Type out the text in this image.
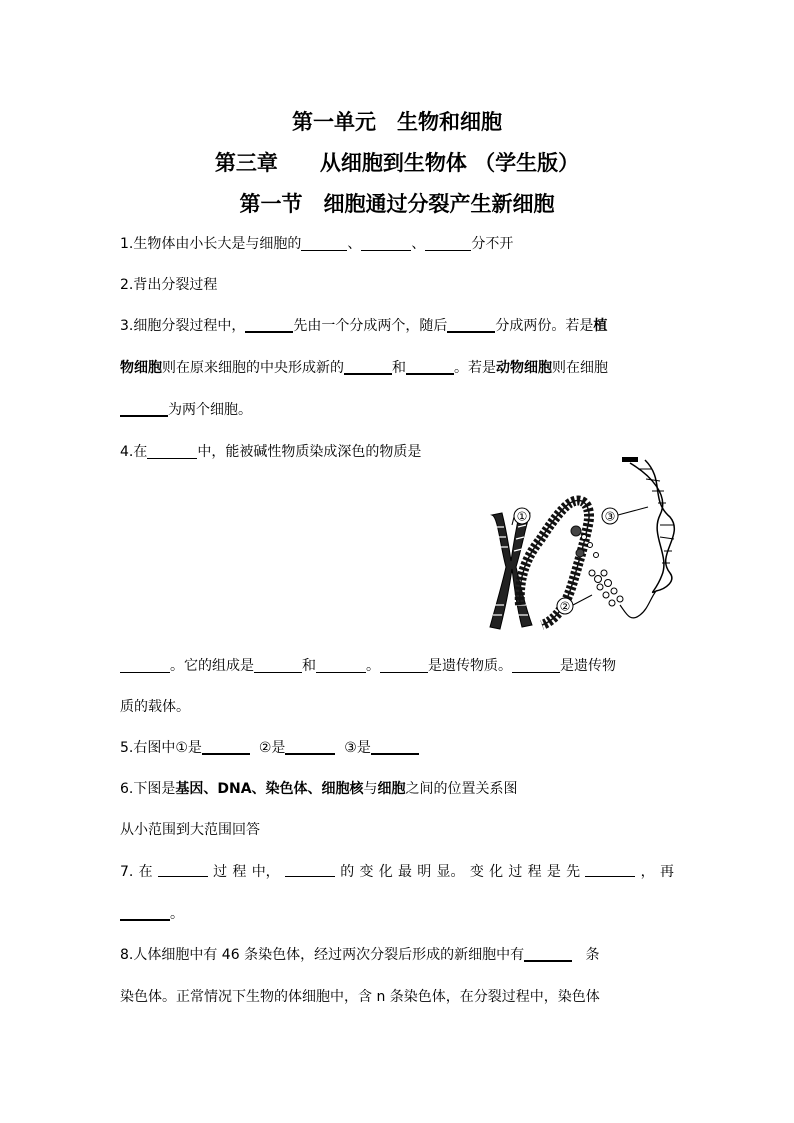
第一单元　生物和细胞
第三章　　从细胞到生物体 （学生版）
第一节　细胞通过分裂产生新细胞
1.生物体由小长大是与细胞的	、	、	分不开
2.背出分裂过程
3.细胞分裂过程中，	先由一个分成两个，随后	分成两份。若是植
物细胞则在原来细胞的中央形成新的	和	。若是动物细胞则在细胞
为两个细胞。
4.在	中，能被碱性物质染成深色的物质是
①
②
③
。它的组成是	和	。	是遗传物质。	是遗传物
质的载体。
5.右图中①是	②是	③是
6.下图是基因、DNA、染色体、细胞核与细胞之间的位置关系图
从小范围到大范围回答
7. 在	过 程 中，	的 变 化 最 明 显。 变 化 过 程 是 先	， 再
。
8.人体细胞中有 46 条染色体，经过两次分裂后形成的新细胞中有	条
染色体。正常情况下生物的体细胞中，含 n 条染色体，在分裂过程中，染色体
